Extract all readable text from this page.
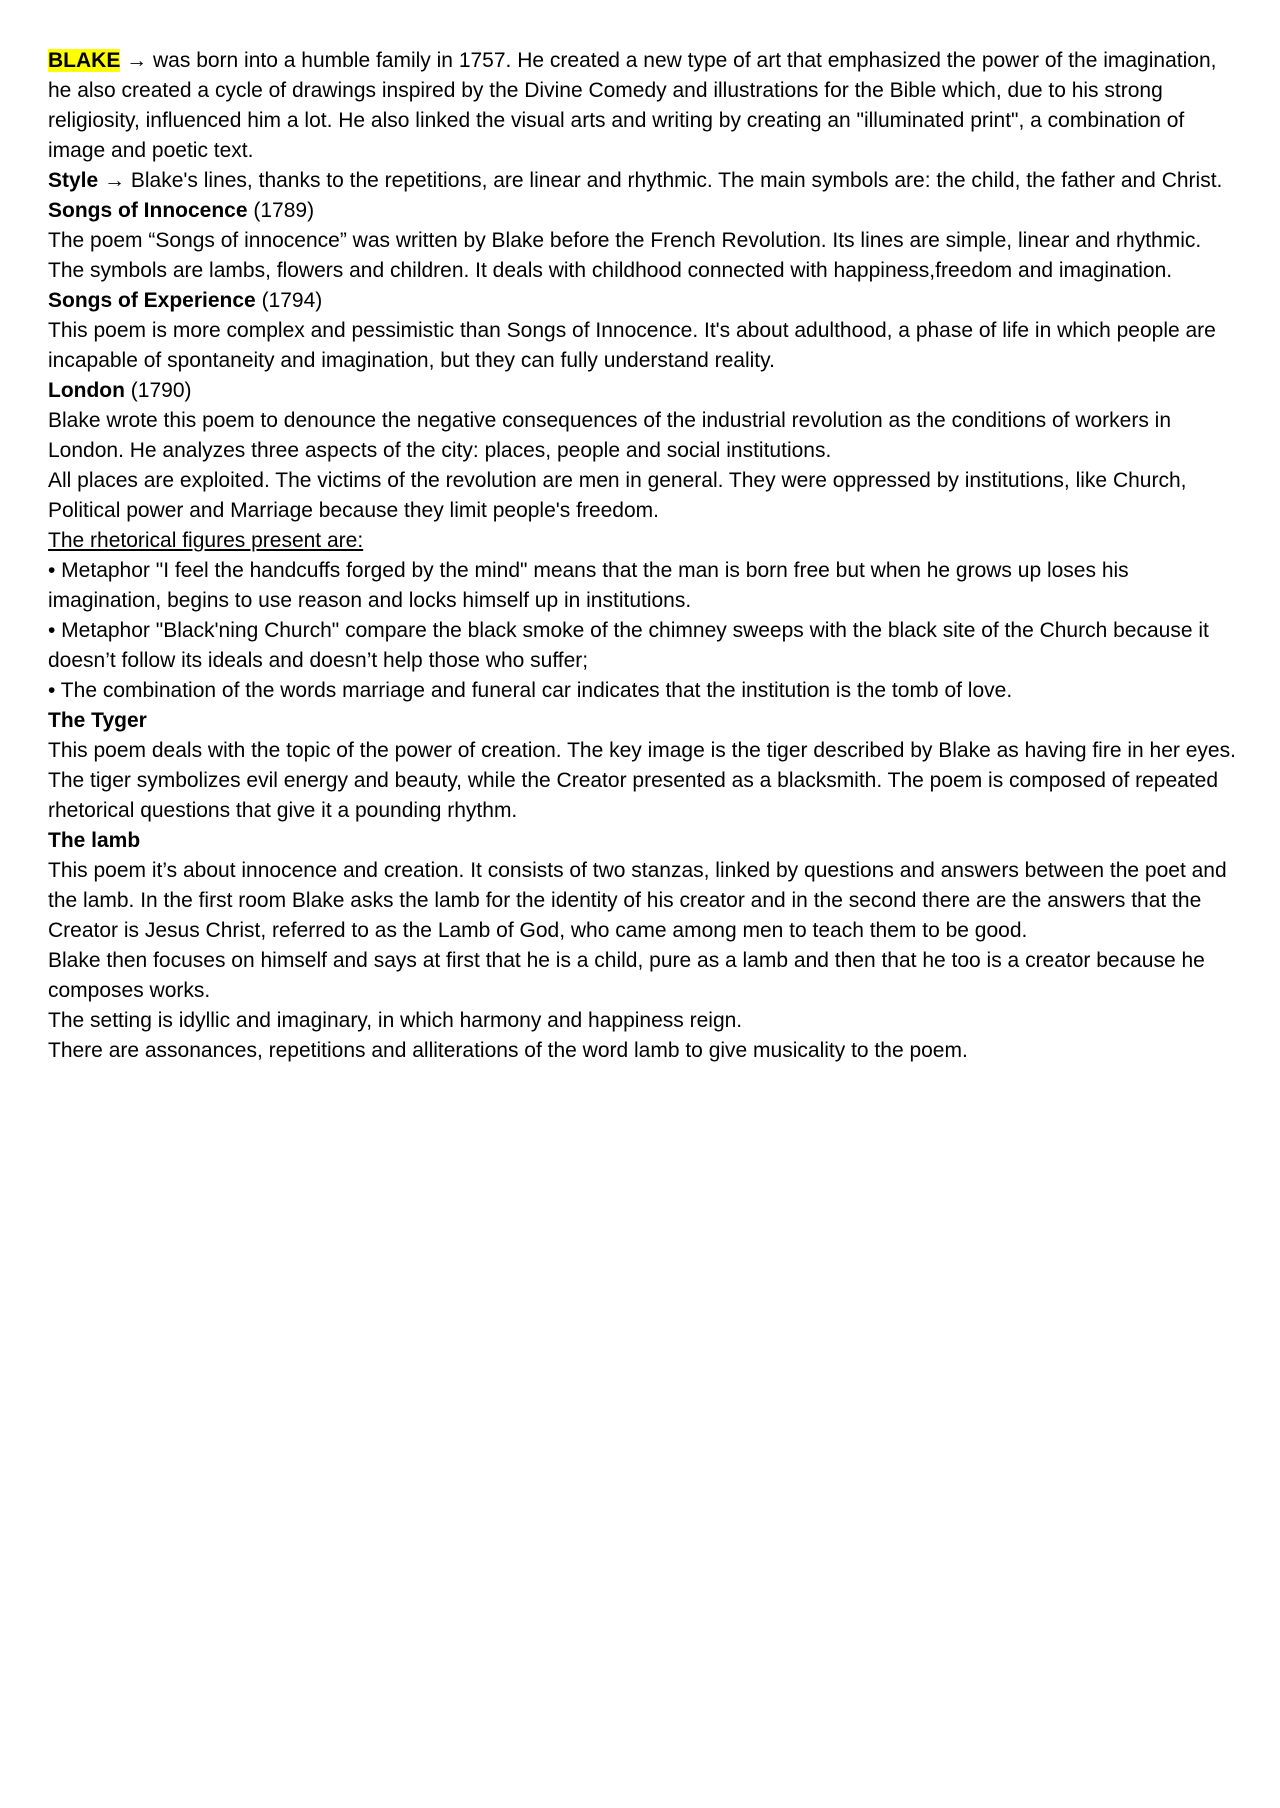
BLAKE → was born into a humble family in 1757. He created a new type of art that emphasized the power of the imagination, he also created a cycle of drawings inspired by the Divine Comedy and illustrations for the Bible which, due to his strong religiosity, influenced him a lot. He also linked the visual arts and writing by creating an "illuminated print", a combination of image and poetic text.

Style → Blake's lines, thanks to the repetitions, are linear and rhythmic. The main symbols are: the child, the father and Christ.

Songs of Innocence (1789)

The poem “Songs of innocence” was written by Blake before the French Revolution. Its lines are simple, linear and rhythmic. The symbols are lambs, flowers and children. It deals with childhood connected with happiness,freedom and imagination.

Songs of Experience (1794)

This poem is more complex and pessimistic than Songs of Innocence. It's about adulthood, a phase of life in which people are incapable of spontaneity and imagination, but they can fully understand reality.

London (1790)

Blake wrote this poem to denounce the negative consequences of the industrial revolution as the conditions of workers in London. He analyzes three aspects of the city: places, people and social institutions.

All places are exploited. The victims of the revolution are men in general. They were oppressed by institutions, like Church, Political power and Marriage because they limit people's freedom.

The rhetorical figures present are:

• Metaphor "I feel the handcuffs forged by the mind" means that the man is born free but when he grows up loses his imagination, begins to use reason and locks himself up in institutions.

• Metaphor "Black'ning Church" compare the black smoke of the chimney sweeps with the black site of the Church because it doesn’t follow its ideals and doesn’t help those who suffer;

• The combination of the words marriage and funeral car indicates that the institution is the tomb of love.

The Tyger

This poem deals with the topic of the power of creation. The key image is the tiger described by Blake as having fire in her eyes. The tiger symbolizes evil energy and beauty, while the Creator presented as a blacksmith. The poem is composed of repeated rhetorical questions that give it a pounding rhythm.

The lamb

This poem it’s about innocence and creation. It consists of two stanzas, linked by questions and answers between the poet and the lamb. In the first room Blake asks the lamb for the identity of his creator and in the second there are the answers that the Creator is Jesus Christ, referred to as the Lamb of God, who came among men to teach them to be good.

Blake then focuses on himself and says at first that he is a child, pure as a lamb and then that he too is a creator because he composes works.

The setting is idyllic and imaginary, in which harmony and happiness reign.

There are assonances, repetitions and alliterations of the word lamb to give musicality to the poem.
